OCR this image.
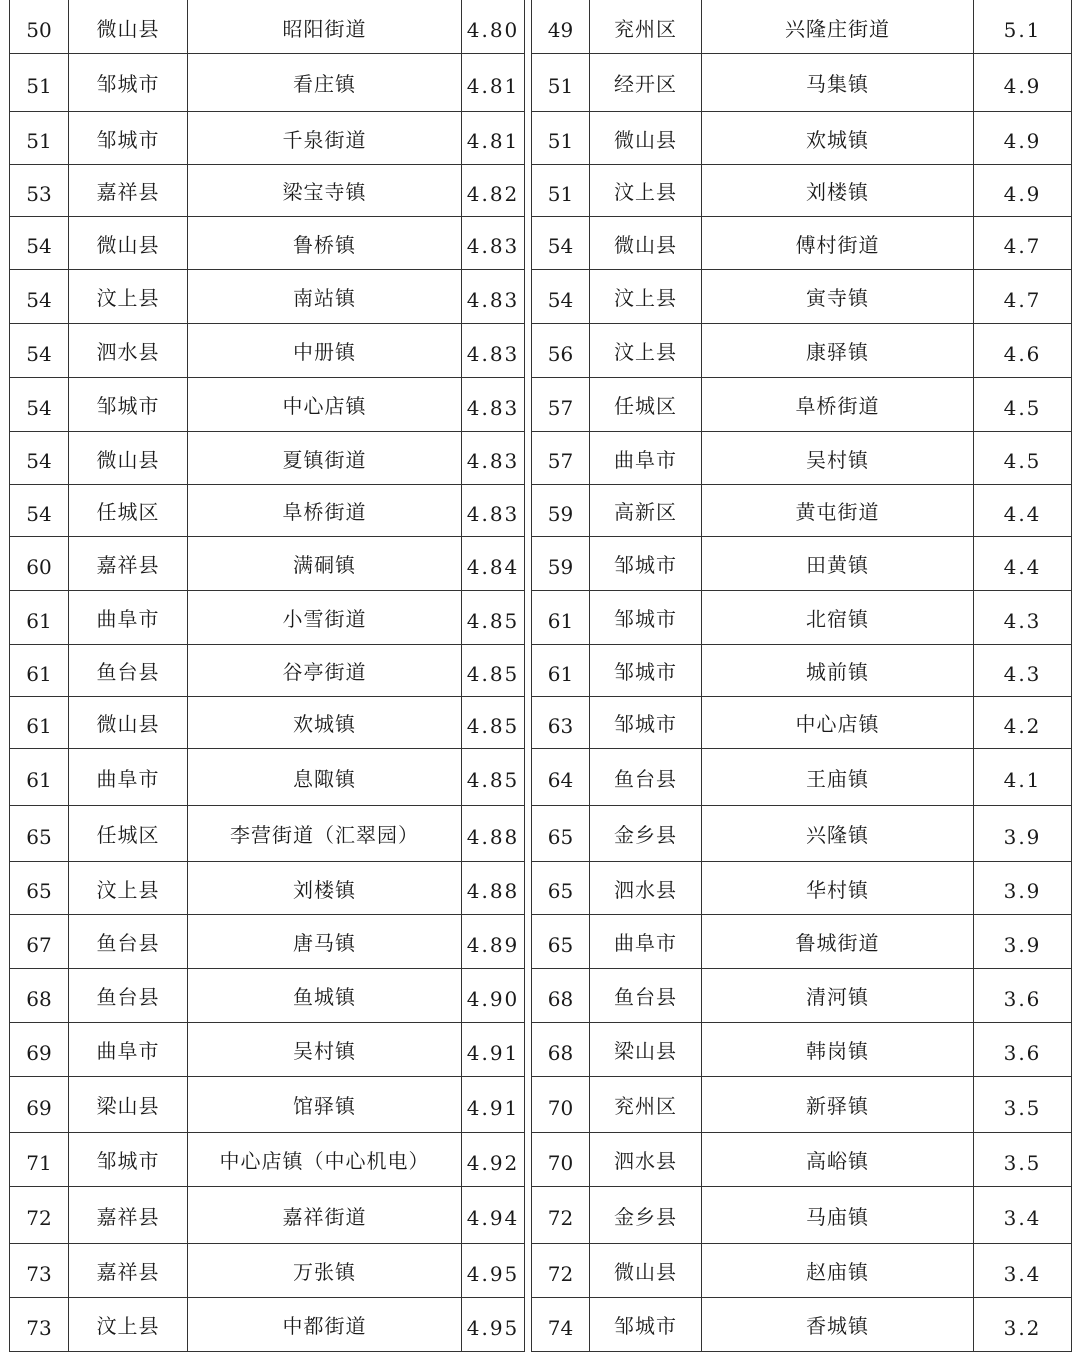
50	微山县	昭阳街道	4.80
51	邹城市	看庄镇	4.81
51	邹城市	千泉街道	4.81
53	嘉祥县	梁宝寺镇	4.82
54	微山县	鲁桥镇	4.83
54	汶上县	南站镇	4.83
54	泗水县	中册镇	4.83
54	邹城市	中心店镇	4.83
54	微山县	夏镇街道	4.83
54	任城区	阜桥街道	4.83
60	嘉祥县	满硐镇	4.84
61	曲阜市	小雪街道	4.85
61	鱼台县	谷亭街道	4.85
61	微山县	欢城镇	4.85
61	曲阜市	息陬镇	4.85
65	任城区	李营街道（汇翠园）	4.88
65	汶上县	刘楼镇	4.88
67	鱼台县	唐马镇	4.89
68	鱼台县	鱼城镇	4.90
69	曲阜市	吴村镇	4.91
69	梁山县	馆驿镇	4.91
71	邹城市	中心店镇（中心机电）	4.92
72	嘉祥县	嘉祥街道	4.94
73	嘉祥县	万张镇	4.95
73	汶上县	中都街道	4.95
49	兖州区	兴隆庄街道	5.1
51	经开区	马集镇	4.9
51	微山县	欢城镇	4.9
51	汶上县	刘楼镇	4.9
54	微山县	傅村街道	4.7
54	汶上县	寅寺镇	4.7
56	汶上县	康驿镇	4.6
57	任城区	阜桥街道	4.5
57	曲阜市	吴村镇	4.5
59	高新区	黄屯街道	4.4
59	邹城市	田黄镇	4.4
61	邹城市	北宿镇	4.3
61	邹城市	城前镇	4.3
63	邹城市	中心店镇	4.2
64	鱼台县	王庙镇	4.1
65	金乡县	兴隆镇	3.9
65	泗水县	华村镇	3.9
65	曲阜市	鲁城街道	3.9
68	鱼台县	清河镇	3.6
68	梁山县	韩岗镇	3.6
70	兖州区	新驿镇	3.5
70	泗水县	高峪镇	3.5
72	金乡县	马庙镇	3.4
72	微山县	赵庙镇	3.4
74	邹城市	香城镇	3.2
